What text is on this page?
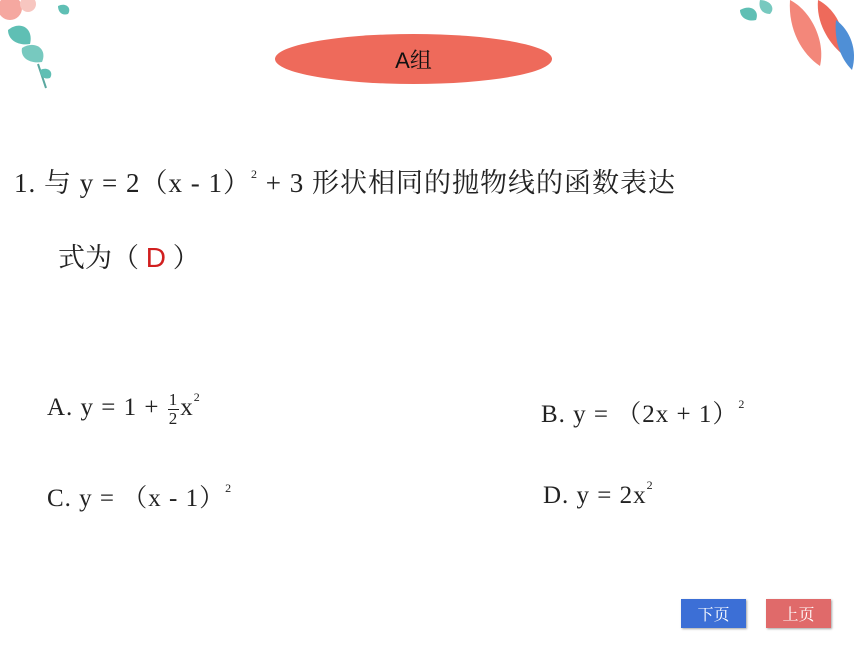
A组
1. 与 y = 2（x - 1）$^2$ + 3 形状相同的抛物线的函数表达
式为（ D ）
A. $y = 1 + \frac{1}{2} x^2$
B. $y = (2x + 1)^2$
C. y = （x - 1）$^2$	D. $y = 2x^2$
下页	上页
